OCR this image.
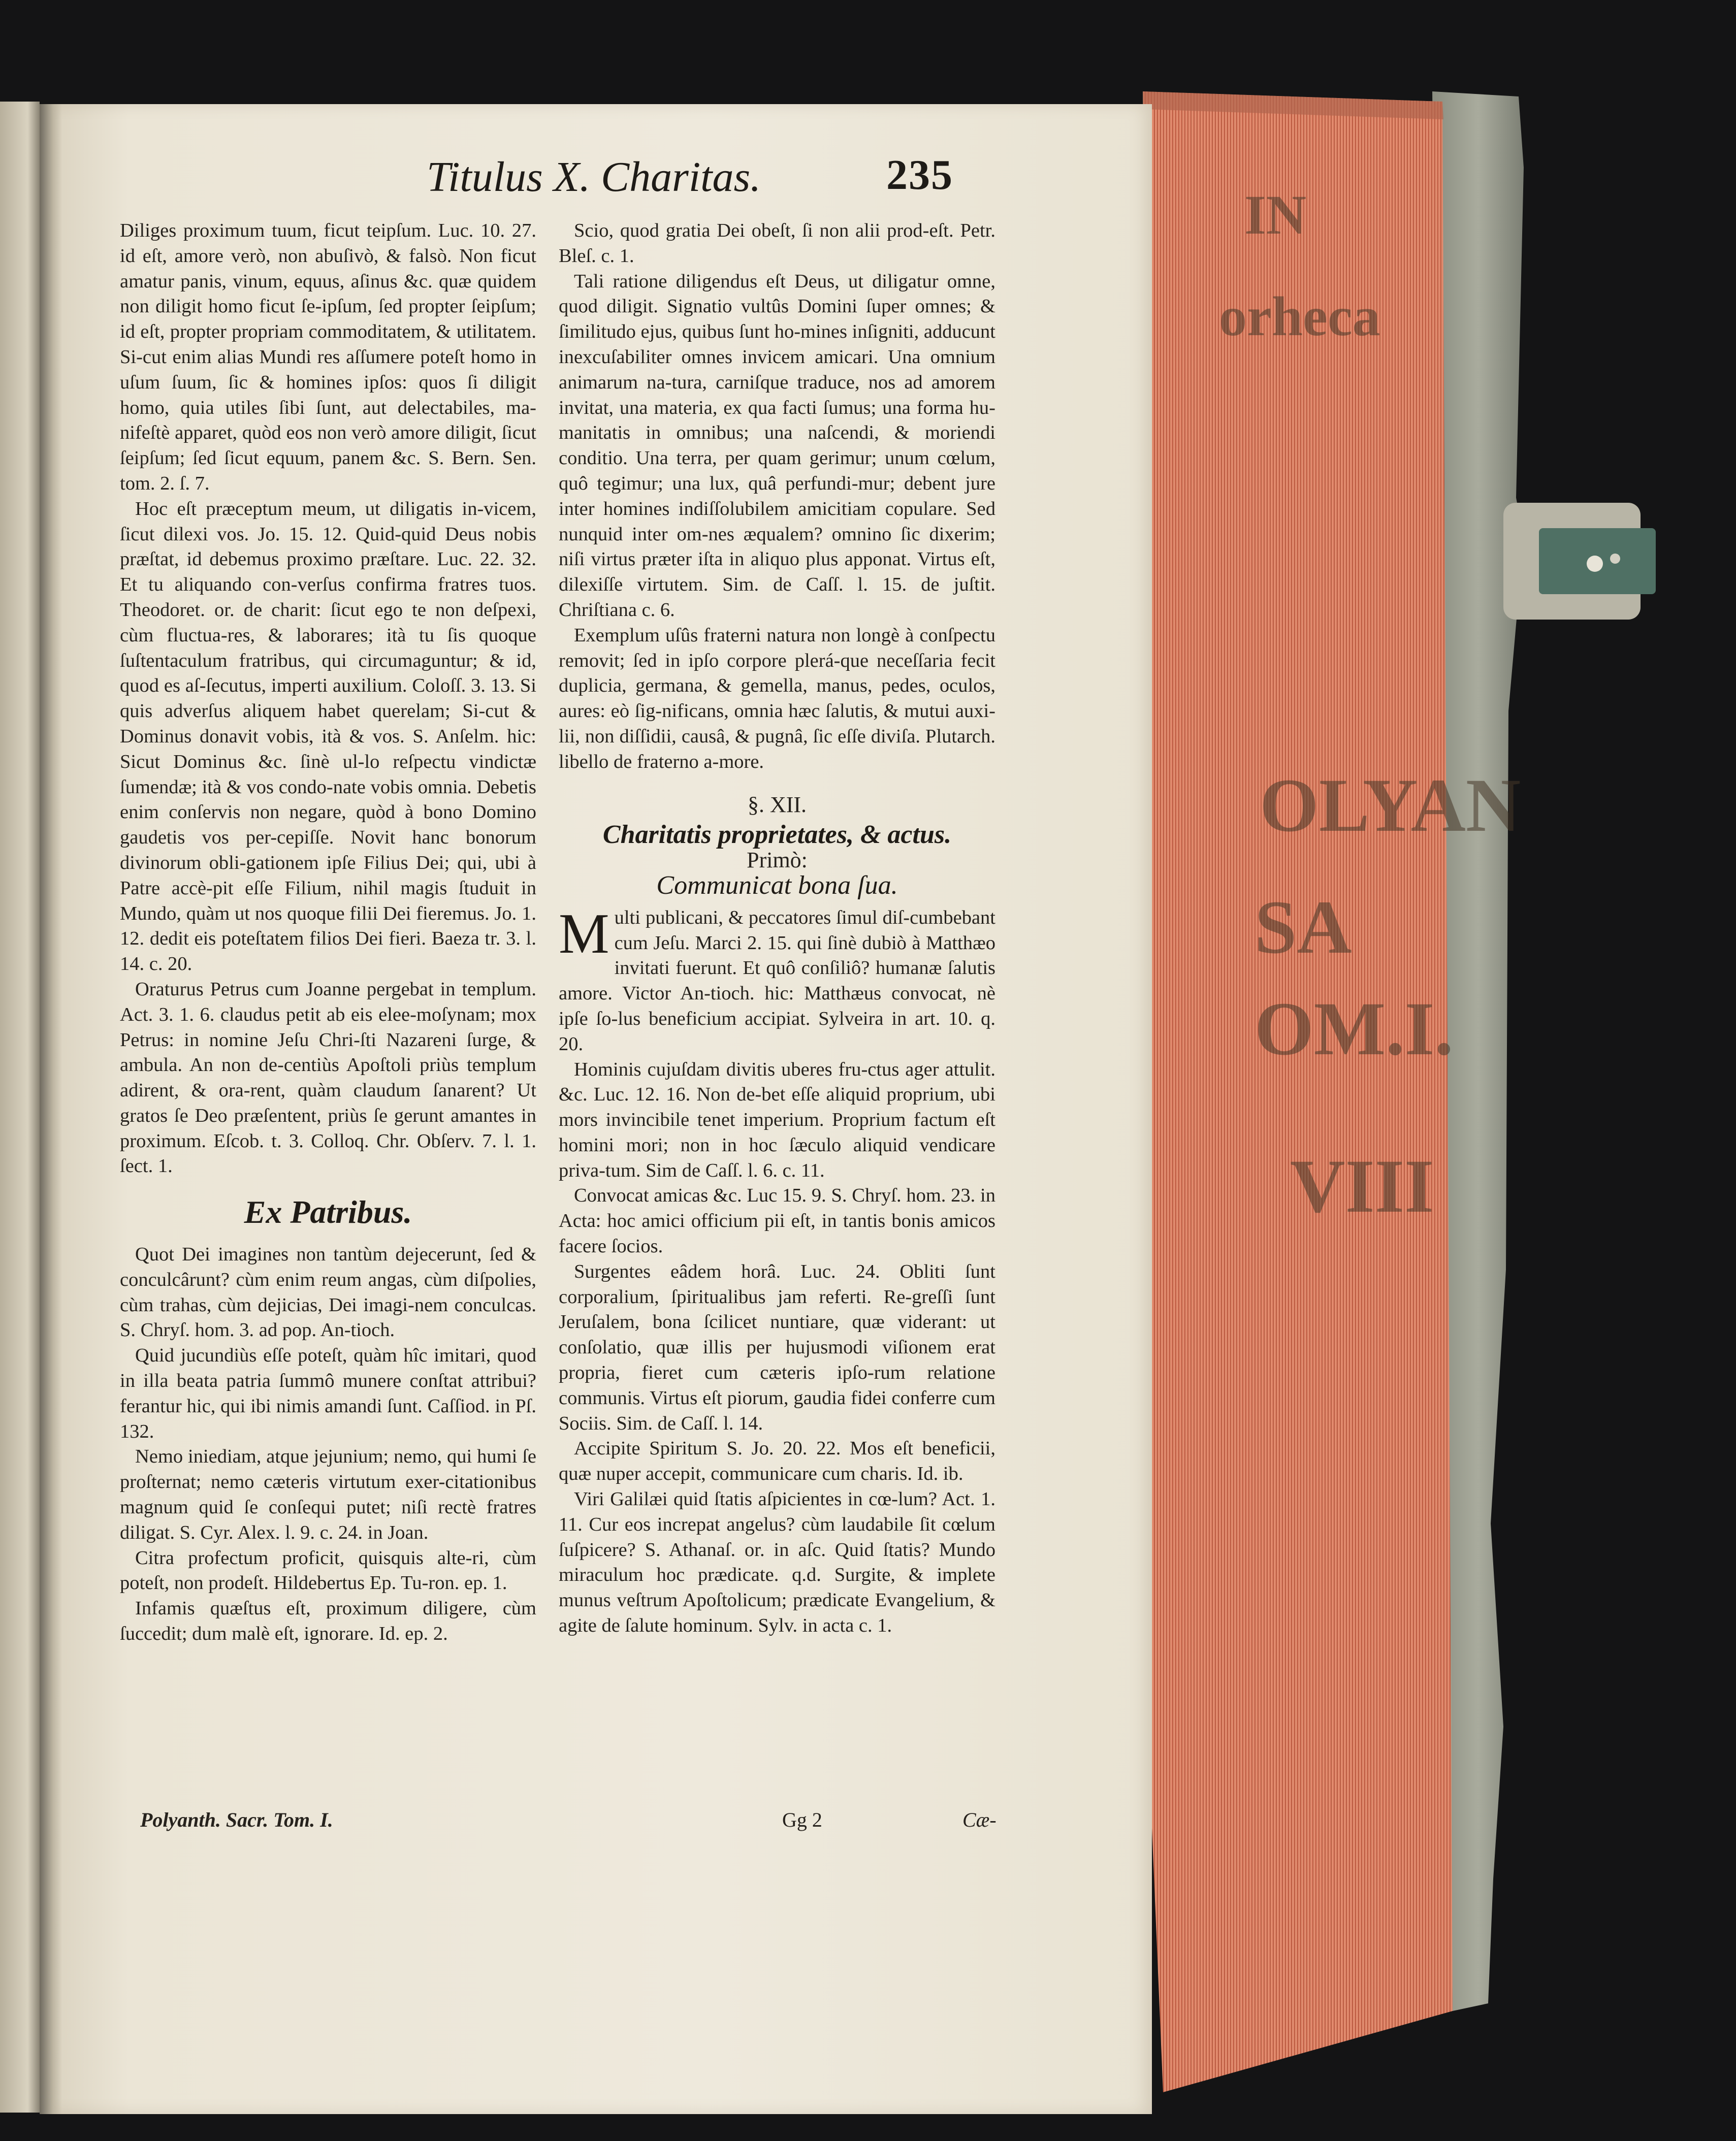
IN
orheca
OLYAN
SA
OM.I.
VIII
Titulus X. Charitas.	235

Diliges proximum tuum, ficut teipſum. Luc. 10. 27. id eſt, amore verò, non abuſivò, & falsò. Non ficut amatur panis, vinum, equus, aſinus &c. quæ quidem non diligit homo ficut ſe-ipſum, ſed propter ſeipſum; id eſt, propter propriam commoditatem, & utilitatem. Si-cut enim alias Mundi res aſſumere poteſt homo in uſum ſuum, ſic & homines ipſos: quos ſi diligit homo, quia utiles ſibi ſunt, aut delectabiles, ma-nifeſtè apparet, quòd eos non verò amore diligit, ſicut ſeipſum; ſed ſicut equum, panem &c. S. Bern. Sen. tom. 2. ſ. 7.

Hoc eſt præceptum meum, ut diligatis in-vicem, ſicut dilexi vos. Jo. 15. 12. Quid-quid Deus nobis præſtat, id debemus proximo præſtare. Luc. 22. 32. Et tu aliquando con-verſus confirma fratres tuos. Theodoret. or. de charit: ſicut ego te non deſpexi, cùm fluctua-res, & laborares; ità tu ſis quoque ſuſtentaculum fratribus, qui circumaguntur; & id, quod es aſ-ſecutus, imperti auxilium. Coloſſ. 3. 13. Si quis adverſus aliquem habet querelam; Si-cut & Dominus donavit vobis, ità & vos. S. Anſelm. hic: Sicut Dominus &c. ſinè ul-lo reſpectu vindictæ ſumendæ; ità & vos condo-nate vobis omnia. Debetis enim conſervis non negare, quòd à bono Domino gaudetis vos per-cepiſſe. Novit hanc bonorum divinorum obli-gationem ipſe Filius Dei; qui, ubi à Patre accè-pit eſſe Filium, nihil magis ſtuduit in Mundo, quàm ut nos quoque filii Dei fieremus. Jo. 1. 12. dedit eis poteſtatem filios Dei fieri. Baeza tr. 3. l. 14. c. 20.

Oraturus Petrus cum Joanne pergebat in templum. Act. 3. 1. 6. claudus petit ab eis elee-moſynam; mox Petrus: in nomine Jeſu Chri-ſti Nazareni ſurge, & ambula. An non de-centiùs Apoſtoli priùs templum adirent, & ora-rent, quàm claudum ſanarent? Ut gratos ſe Deo præſentent, priùs ſe gerunt amantes in proximum. Eſcob. t. 3. Colloq. Chr. Obſerv. 7. l. 1. ſect. 1.

Ex Patribus.

Quot Dei imagines non tantùm dejecerunt, ſed & conculcârunt? cùm enim reum angas, cùm diſpolies, cùm trahas, cùm dejicias, Dei imagi-nem conculcas. S. Chryſ. hom. 3. ad pop. An-tioch.

Quid jucundiùs eſſe poteſt, quàm hîc imitari, quod in illa beata patria ſummô munere conſtat attribui? ferantur hic, qui ibi nimis amandi ſunt. Caſſiod. in Pſ. 132.

Nemo iniediam, atque jejunium; nemo, qui humi ſe proſternat; nemo cæteris virtutum exer-citationibus magnum quid ſe conſequi putet; niſi rectè fratres diligat. S. Cyr. Alex. l. 9. c. 24. in Joan.

Citra profectum proficit, quisquis alte-ri, cùm poteſt, non prodeſt. Hildebertus Ep. Tu-ron. ep. 1.

Infamis quæſtus eſt, proximum diligere, cùm ſuccedit; dum malè eſt, ignorare. Id. ep. 2.

Scio, quod gratia Dei obeſt, ſi non alii prod-eſt. Petr. Bleſ. c. 1.

Tali ratione diligendus eſt Deus, ut diligatur omne, quod diligit. Signatio vultûs Domini ſuper omnes; & ſimilitudo ejus, quibus ſunt ho-mines inſigniti, adducunt inexcuſabiliter omnes invicem amicari. Una omnium animarum na-tura, carniſque traduce, nos ad amorem invitat, una materia, ex qua facti ſumus; una forma hu-manitatis in omnibus; una naſcendi, & moriendi conditio. Una terra, per quam gerimur; unum cœlum, quô tegimur; una lux, quâ perfundi-mur; debent jure inter homines indiſſolubilem amicitiam copulare. Sed nunquid inter om-nes æqualem? omnino ſic dixerim; niſi virtus præter iſta in aliquo plus apponat. Virtus eſt, dilexiſſe virtutem. Sim. de Caſſ. l. 15. de juſtit. Chriſtiana c. 6.

Exemplum uſûs fraterni natura non longè à conſpectu removit; ſed in ipſo corpore plerá-que neceſſaria fecit duplicia, germana, & gemella, manus, pedes, oculos, aures: eò ſig-nificans, omnia hæc ſalutis, & mutui auxi-lii, non diſſidii, causâ, & pugnâ, ſic eſſe diviſa. Plutarch. libello de fraterno a-more.

§. XII.
Charitatis proprietates, & actus.
Primò:
Communicat bona ſua.

M ulti publicani, & peccatores ſimul diſ-cumbebant cum Jeſu. Marci 2. 15. qui ſinè dubiò à Matthæo invitati fuerunt. Et quô conſiliô? humanæ ſalutis amore. Victor An-tioch. hic: Matthæus convocat, nè ipſe ſo-lus beneficium accipiat. Sylveira in art. 10. q. 20.

Hominis cujuſdam divitis uberes fru-ctus ager attulit. &c. Luc. 12. 16. Non de-bet eſſe aliquid proprium, ubi mors invincibile tenet imperium. Proprium factum eſt homini mori; non in hoc ſæculo aliquid vendicare priva-tum. Sim de Caſſ. l. 6. c. 11.

Convocat amicas &c. Luc 15. 9. S. Chryſ. hom. 23. in Acta: hoc amici officium pii eſt, in tantis bonis amicos facere ſocios.

Surgentes eâdem horâ. Luc. 24. Obliti ſunt corporalium, ſpiritualibus jam referti. Re-greſſi ſunt Jeruſalem, bona ſcilicet nuntiare, quæ viderant: ut conſolatio, quæ illis per hujusmodi viſionem erat propria, fieret cum cæteris ipſo-rum relatione communis. Virtus eſt piorum, gaudia fidei conferre cum Sociis. Sim. de Caſſ. l. 14.

Accipite Spiritum S. Jo. 20. 22. Mos eſt beneficii, quæ nuper accepit, communicare cum charis. Id. ib.

Viri Galilæi quid ſtatis aſpicientes in cœ-lum? Act. 1. 11. Cur eos increpat angelus? cùm laudabile ſit cœlum ſuſpicere? S. Athanaſ. or. in aſc. Quid ſtatis? Mundo miraculum hoc prædicate. q.d. Surgite, & implete munus veſtrum Apoſtolicum; prædicate Evangelium, & agite de ſalute hominum. Sylv. in acta c. 1.

Polyanth. Sacr. Tom. I.	Gg 2	Cæ-
